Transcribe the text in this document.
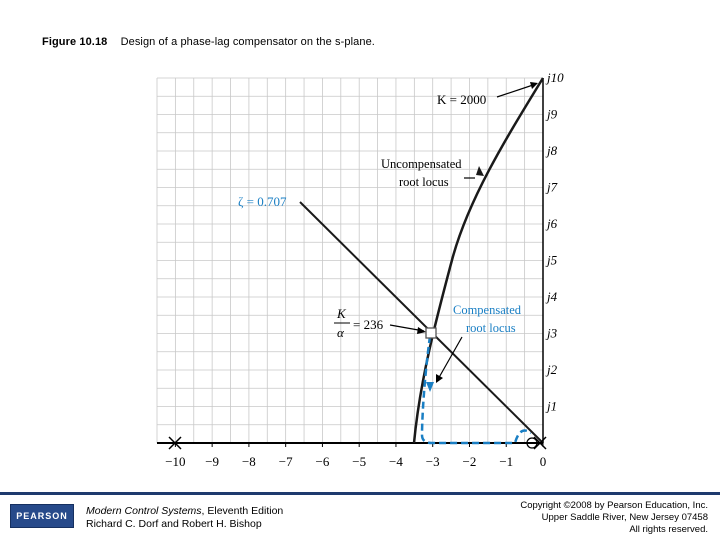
Figure 10.18 Design of a phase-lag compensator on the s-plane.
−10 −9 −8 −7 −6 −5 −4 −3 −2 −1 0
j1
j2
j3
j4
j5
j6
j7
j8
j9
j10
K = 2000
Uncompensated
root locus
ζ = 0.707
K
α
= 236
Compensated
root locus
PEARSON	Modern Control Systems, Eleventh Edition
Richard C. Dorf and Robert H. Bishop
Copyright ©2008 by Pearson Education, Inc.
Upper Saddle River, New Jersey 07458
All rights reserved.
